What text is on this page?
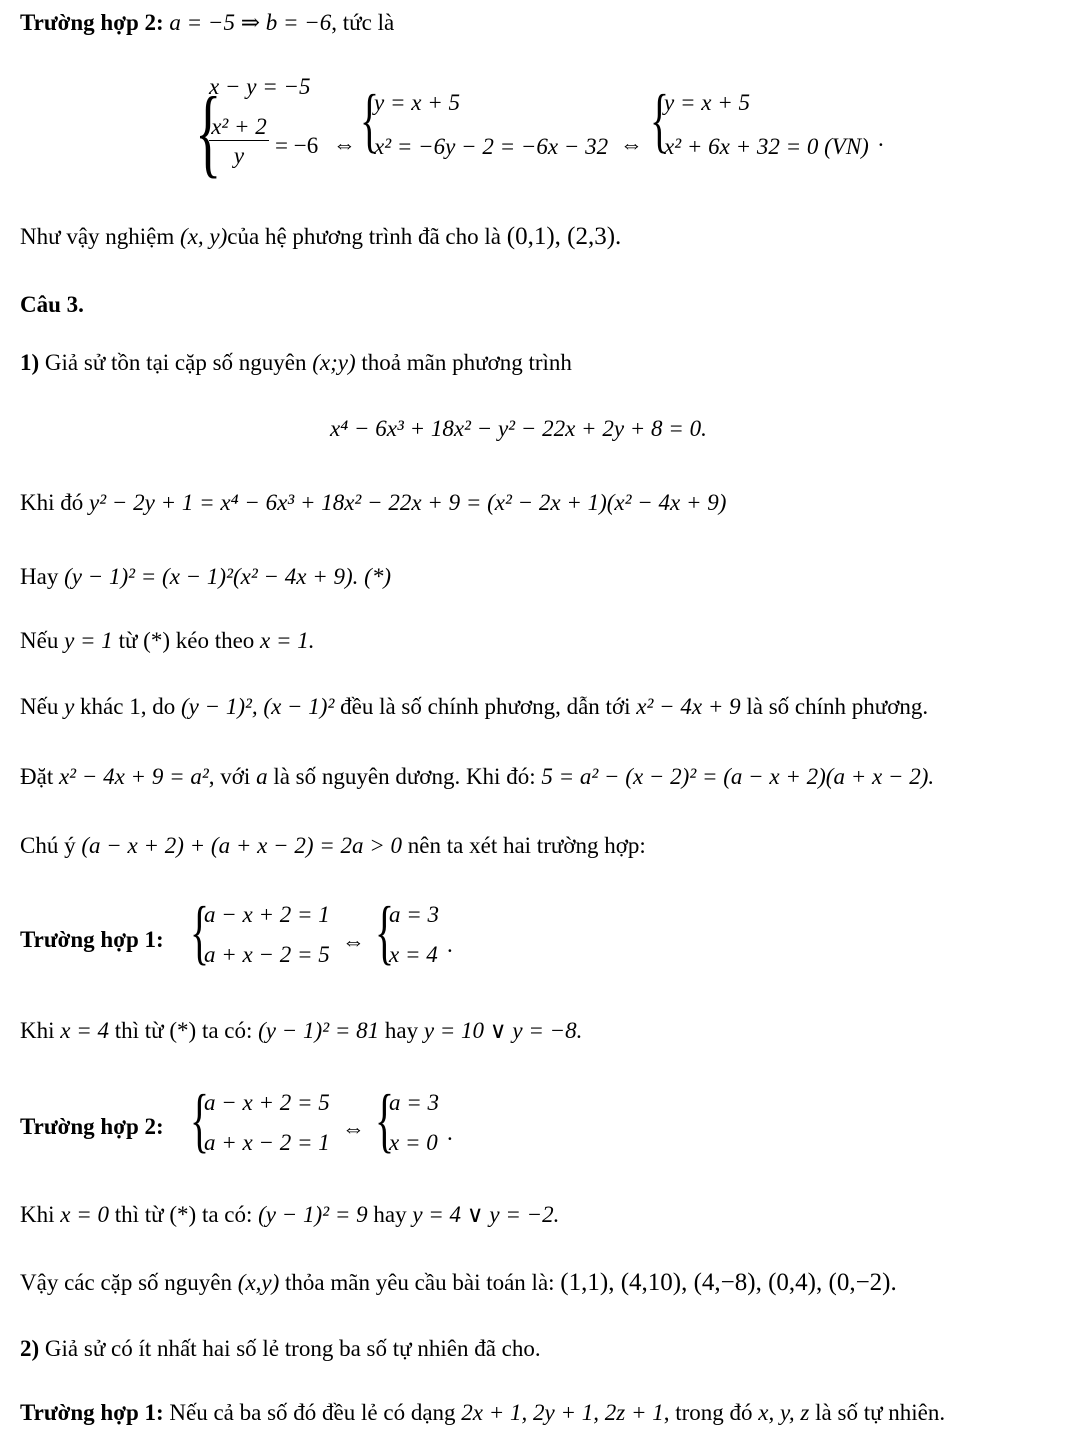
Trường hợp 2: a = −5 ⇒ b = −6, tức là
{
x − y = −5
x² + 2
y	= −6 ⇔ {
y = x + 5
x² = −6y − 2 = −6x − 32 ⇔ {
y = x + 5
x² + 6x + 32 = 0 (VN) .
Như vậy nghiệm (x, y)của hệ phương trình đã cho là (0,1), (2,3).
Câu 3.
1) Giả sử tồn tại cặp số nguyên (x;y) thoả mãn phương trình
x⁴ − 6x³ + 18x² − y² − 22x + 2y + 8 = 0.
Khi đó y² − 2y + 1 = x⁴ − 6x³ + 18x² − 22x + 9 = (x² − 2x + 1)(x² − 4x + 9)
Hay (y − 1)² = (x − 1)²(x² − 4x + 9). (*)
Nếu y = 1 từ (*) kéo theo x = 1.
Nếu y khác 1, do (y − 1)², (x − 1)² đều là số chính phương, dẫn tới x² − 4x + 9 là số chính phương.
Đặt x² − 4x + 9 = a², với a là số nguyên dương. Khi đó: 5 = a² − (x − 2)² = (a − x + 2)(a + x − 2).
Chú ý (a − x + 2) + (a + x − 2) = 2a > 0 nên ta xét hai trường hợp:
Trường hợp 1: {
a − x + 2 = 1
a + x − 2 = 5
⇔ {
a = 3
x = 4 .
Khi x = 4 thì từ (*) ta có: (y − 1)² = 81 hay y = 10 ∨ y = −8.
Trường hợp 2: {
a − x + 2 = 5
a + x − 2 = 1
⇔ {
a = 3
x = 0 .
Khi x = 0 thì từ (*) ta có: (y − 1)² = 9 hay y = 4 ∨ y = −2.
Vậy các cặp số nguyên (x,y) thỏa mãn yêu cầu bài toán là: (1,1), (4,10), (4,−8), (0,4), (0,−2).
2) Giả sử có ít nhất hai số lẻ trong ba số tự nhiên đã cho.
Trường hợp 1: Nếu cả ba số đó đều lẻ có dạng 2x + 1, 2y + 1, 2z + 1, trong đó x, y, z là số tự nhiên.
